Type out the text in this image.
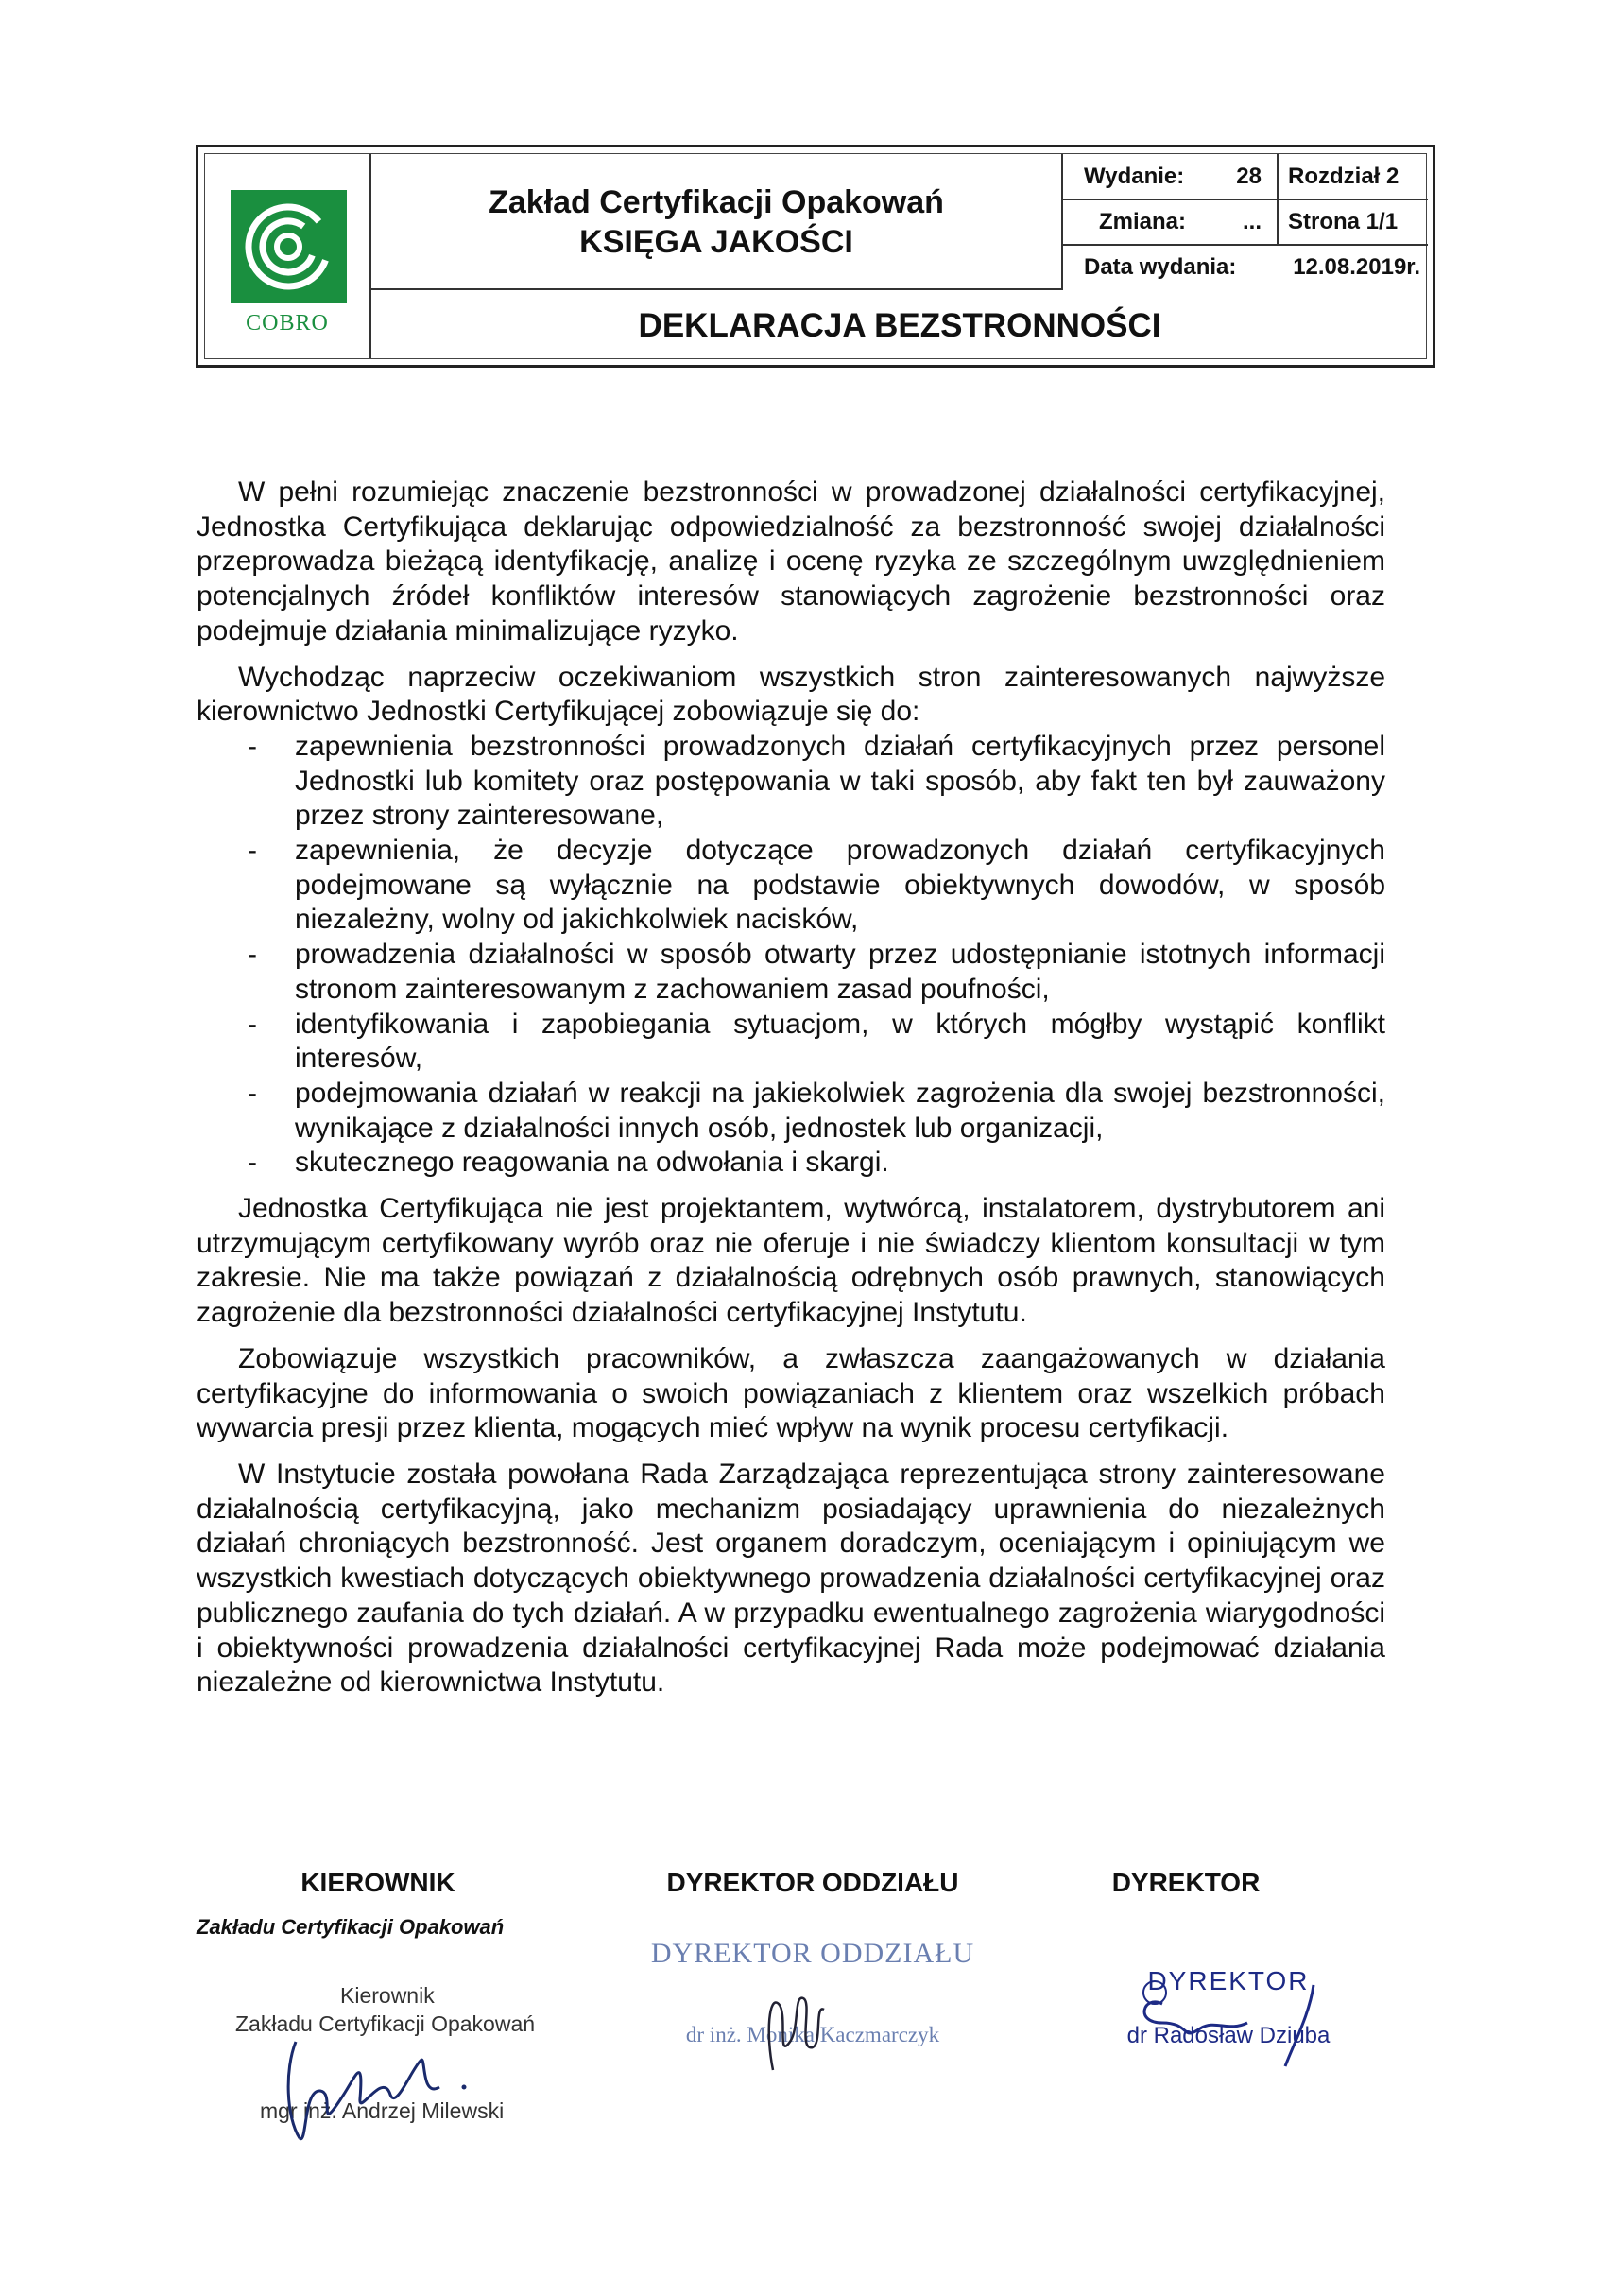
COBRO
Zakład Certyfikacji Opakowań
KSIĘGA JAKOŚCI
Wydanie: 28 Rozdział 2
Zmiana: ... Strona 1/1
Data wydania: 12.08.2019r.
DEKLARACJA BEZSTRONNOŚCI

W pełni rozumiejąc znaczenie bezstronności w prowadzonej działalności certyfikacyjnej, Jednostka Certyfikująca deklarując odpowiedzialność za bezstronność swojej działalności przeprowadza bieżącą identyfikację, analizę i ocenę ryzyka ze szczególnym uwzględnieniem potencjalnych źródeł konfliktów interesów stanowiących zagrożenie bezstronności oraz podejmuje działania minimalizujące ryzyko.

Wychodząc naprzeciw oczekiwaniom wszystkich stron zainteresowanych najwyższe kierownictwo Jednostki Certyfikującej zobowiązuje się do:

- zapewnienia bezstronności prowadzonych działań certyfikacyjnych przez personel Jednostki lub komitety oraz postępowania w taki sposób, aby fakt ten był zauważony przez strony zainteresowane,
- zapewnienia, że decyzje dotyczące prowadzonych działań certyfikacyjnych podejmowane są wyłącznie na podstawie obiektywnych dowodów, w sposób niezależny, wolny od jakichkolwiek nacisków,
- prowadzenia działalności w sposób otwarty przez udostępnianie istotnych informacji stronom zainteresowanym z zachowaniem zasad poufności,
- identyfikowania i zapobiegania sytuacjom, w których mógłby wystąpić konflikt interesów,
- podejmowania działań w reakcji na jakiekolwiek zagrożenia dla swojej bezstronności, wynikające z działalności innych osób, jednostek lub organizacji,
- skutecznego reagowania na odwołania i skargi.

Jednostka Certyfikująca nie jest projektantem, wytwórcą, instalatorem, dystrybutorem ani utrzymującym certyfikowany wyrób oraz nie oferuje i nie świadczy klientom konsultacji w tym zakresie. Nie ma także powiązań z działalnością odrębnych osób prawnych, stanowiących zagrożenie dla bezstronności działalności certyfikacyjnej Instytutu.

Zobowiązuje wszystkich pracowników, a zwłaszcza zaangażowanych w działania certyfikacyjne do informowania o swoich powiązaniach z klientem oraz wszelkich próbach wywarcia presji przez klienta, mogących mieć wpływ na wynik procesu certyfikacji.

W Instytucie została powołana Rada Zarządzająca reprezentująca strony zainteresowane działalnością certyfikacyjną, jako mechanizm posiadający uprawnienia do niezależnych działań chroniących bezstronność. Jest organem doradczym, oceniającym i opiniującym we wszystkich kwestiach dotyczących obiektywnego prowadzenia działalności certyfikacyjnej oraz publicznego zaufania do tych działań. A w przypadku ewentualnego zagrożenia wiarygodności i obiektywności prowadzenia działalności certyfikacyjnej Rada może podejmować działania niezależne od kierownictwa Instytutu.

KIEROWNIK
Zakładu Certyfikacji Opakowań
DYREKTOR ODDZIAŁU	DYREKTOR
Kierownik
Zakładu Certyfikacji Opakowań
mgr inż. Andrzej Milewski
DYREKTOR ODDZIAŁU
dr inż. Monika Kaczmarczyk
DYREKTOR
dr Radosław Dziuba
